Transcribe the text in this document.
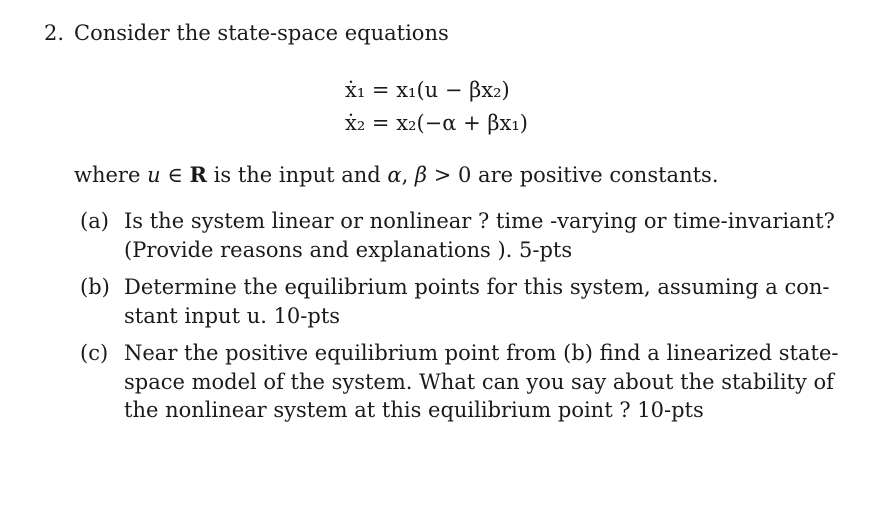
2. Consider the state-space equations
ẋ₁ = x₁(u − βx₂)
ẋ₂ = x₂(−α + βx₁)
where u ∈ R is the input and α, β > 0 are positive constants.
(a) Is the system linear or nonlinear ? time -varying or time-invariant?
(Provide reasons and explanations ). 5-pts
(b) Determine the equilibrium points for this system, assuming a con-
stant input u. 10-pts
(c) Near the positive equilibrium point from (b) find a linearized state-
space model of the system. What can you say about the stability of
the nonlinear system at this equilibrium point ? 10-pts
